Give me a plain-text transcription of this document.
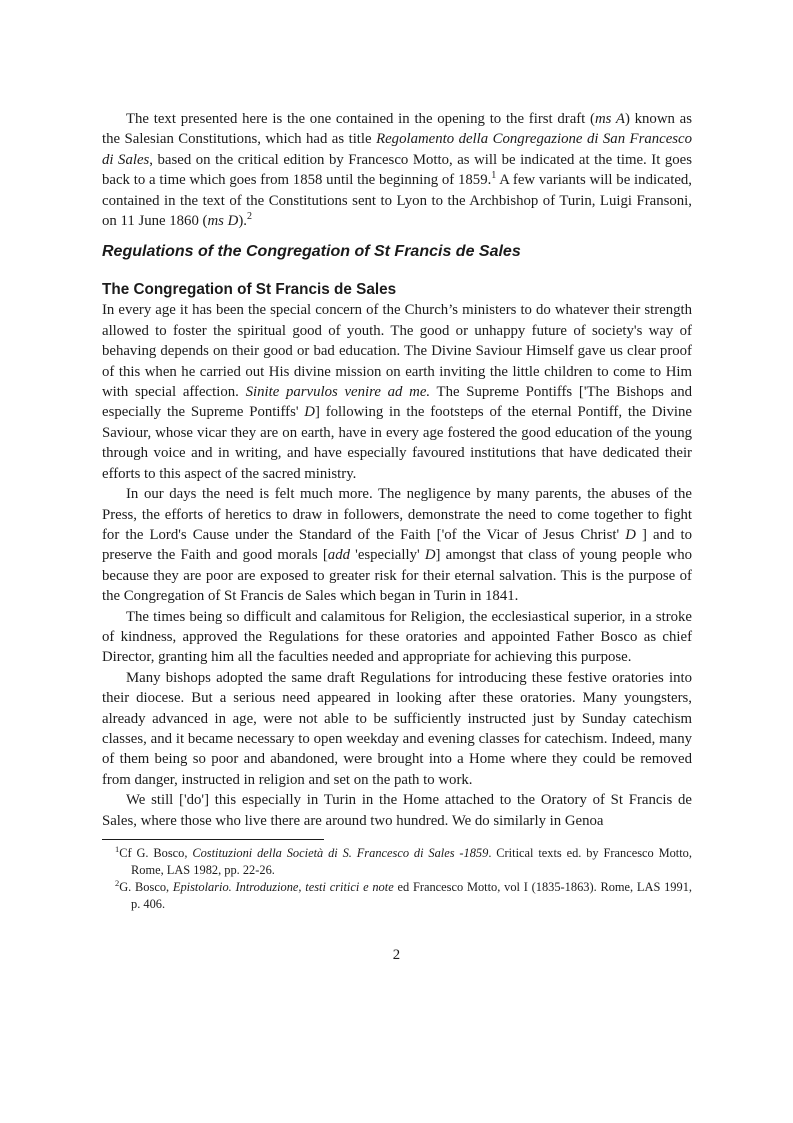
The text presented here is the one contained in the opening to the first draft (ms A) known as the Salesian Constitutions, which had as title Regolamento della Congregazione di San Francesco di Sales, based on the critical edition by Francesco Motto, as will be indicated at the time. It goes back to a time which goes from 1858 until the beginning of 1859.$^1$ A few variants will be indicated, contained in the text of the Constitutions sent to Lyon to the Archbishop of Turin, Luigi Fransoni, on 11 June 1860 (ms D).$^2$

Regulations of the Congregation of St Francis de Sales
The Congregation of St Francis de Sales

In every age it has been the special concern of the Church’s ministers to do whatever their strength allowed to foster the spiritual good of youth. The good or unhappy future of society's way of behaving depends on their good or bad education. The Divine Saviour Himself gave us clear proof of this when he carried out His divine mission on earth inviting the little children to come to Him with special affection. Sinite parvulos venire ad me. The Supreme Pontiffs ['The Bishops and especially the Supreme Pontiffs' D] following in the footsteps of the eternal Pontiff, the Divine Saviour, whose vicar they are on earth, have in every age fostered the good education of the young through voice and in writing, and have especially favoured institutions that have dedicated their efforts to this aspect of the sacred ministry.

In our days the need is felt much more. The negligence by many parents, the abuses of the Press, the efforts of heretics to draw in followers, demonstrate the need to come together to fight for the Lord's Cause under the Standard of the Faith ['of the Vicar of Jesus Christ' D ] and to preserve the Faith and good morals [add 'especially' D] amongst that class of young people who because they are poor are exposed to greater risk for their eternal salvation. This is the purpose of the Congregation of St Francis de Sales which began in Turin in 1841.

The times being so difficult and calamitous for Religion, the ecclesiastical superior, in a stroke of kindness, approved the Regulations for these oratories and appointed Father Bosco as chief Director, granting him all the faculties needed and appropriate for achieving this purpose.

Many bishops adopted the same draft Regulations for introducing these festive oratories into their diocese. But a serious need appeared in looking after these oratories. Many youngsters, already advanced in age, were not able to be sufficiently instructed just by Sunday catechism classes, and it became necessary to open weekday and evening classes for catechism. Indeed, many of them being so poor and abandoned, were brought into a Home where they could be removed from danger, instructed in religion and set on the path to work.

We still ['do'] this especially in Turin in the Home attached to the Oratory of St Francis de Sales, where those who live there are around two hundred. We do similarly in Genoa

$^1$Cf G. Bosco, Costituzioni della Società di S. Francesco di Sales -1859. Critical texts ed. by Francesco Motto, Rome, LAS 1982, pp. 22-26.

$^2$G. Bosco, Epistolario. Introduzione, testi critici e note ed Francesco Motto, vol I (1835-1863). Rome, LAS 1991, p. 406.

2
